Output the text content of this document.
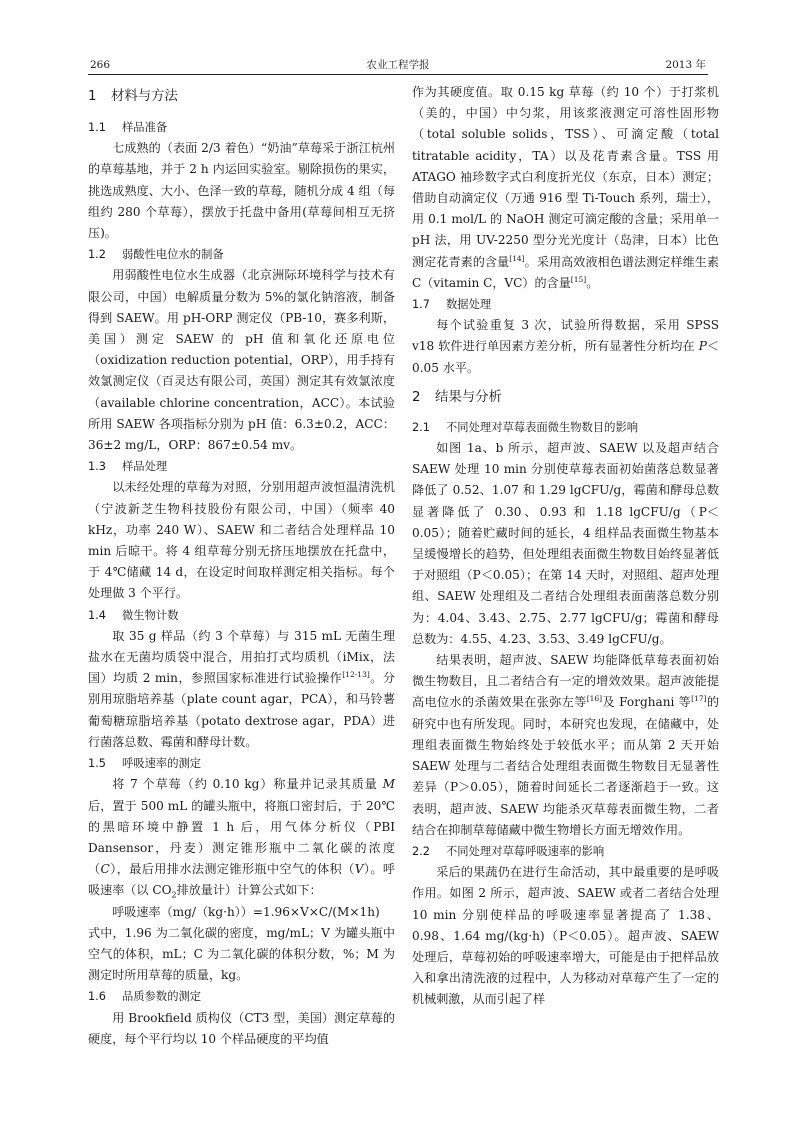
266	农业工程学报	2013 年
1 材料与方法
1.1 样品准备

七成熟的（表面 2/3 着色）“奶油”草莓采于浙江杭州的草莓基地，并于 2 h 内运回实验室。剔除损伤的果实，挑选成熟度、大小、色泽一致的草莓，随机分成 4 组（每组约 280 个草莓），摆放于托盘中备用(草莓间相互无挤压)。

1.2 弱酸性电位水的制备

用弱酸性电位水生成器（北京洲际环境科学与技术有限公司，中国）电解质量分数为 5%的氯化钠溶液，制备得到 SAEW。用 pH-ORP 测定仪（PB-10，赛多利斯，美国）测定 SAEW 的 pH 值和氧化还原电位（oxidization reduction potential，ORP），用手持有效氯测定仪（百灵达有限公司，英国）测定其有效氯浓度（available chlorine concentration，ACC）。本试验所用 SAEW 各项指标分别为 pH 值：6.3±0.2，ACC：36±2 mg/L，ORP：867±0.54 mv。

1.3 样品处理

以未经处理的草莓为对照，分别用超声波恒温清洗机（宁波新芝生物科技股份有限公司，中国）（频率 40 kHz，功率 240 W）、SAEW 和二者结合处理样品 10 min 后晾干。将 4 组草莓分别无挤压地摆放在托盘中，于 4℃储藏 14 d，在设定时间取样测定相关指标。每个处理做 3 个平行。

1.4 微生物计数

取 35 g 样品（约 3 个草莓）与 315 mL 无菌生理盐水在无菌均质袋中混合，用拍打式均质机（iMix，法国）均质 2 min，参照国家标准进行试验操作[12-13]。分别用琼脂培养基（plate count agar，PCA），和马铃薯葡萄糖琼脂培养基（potato dextrose agar，PDA）进行菌落总数、霉菌和酵母计数。

1.5 呼吸速率的测定

将 7 个草莓（约 0.10 kg）称量并记录其质量 M后，置于 500 mL 的罐头瓶中，将瓶口密封后，于 20℃的黑暗环境中静置 1 h 后，用气体分析仪（PBI Dansensor，丹麦）测定锥形瓶中二氧化碳的浓度（C），最后用排水法测定锥形瓶中空气的体积（V）。呼吸速率（以 $CO_2$排放量计）计算公式如下：

呼吸速率（mg/（kg·h））=1.96×V×C/(M×1h)

式中，1.96 为二氧化碳的密度，mg/mL；V 为罐头瓶中空气的体积，mL；C 为二氧化碳的体积分数，%；M 为测定时所用草莓的质量，kg。

1.6 品质参数的测定

用 Brookfield 质构仪（CT3 型，美国）测定草莓的硬度，每个平行均以 10 个样品硬度的平均值

作为其硬度值。取 0.15 kg 草莓（约 10 个）于打浆机（美的，中国）中匀浆，用该浆液测定可溶性固形物（total soluble solids，TSS）、可滴定酸（total titratable acidity，TA）以及花青素含量。TSS 用 ATAGO 袖珍数字式白利度折光仪（东京，日本）测定；借助自动滴定仪（万通 916 型 Ti-Touch 系列，瑞士），用 0.1 mol/L 的 NaOH 测定可滴定酸的含量；采用单一pH 法，用 UV-2250 型分光光度计（岛津，日本）比色测定花青素的含量[14]。采用高效液相色谱法测定样维生素 C（vitamin C，VC）的含量[15]。

1.7 数据处理

每个试验重复 3 次，试验所得数据，采用 SPSS v18 软件进行单因素方差分析，所有显著性分析均在 P＜0.05 水平。

2 结果与分析
2.1 不同处理对草莓表面微生物数目的影响

如图 1a、b 所示，超声波、SAEW 以及超声结合 SAEW 处理 10 min 分别使草莓表面初始菌落总数显著降低了 0.52、1.07 和 1.29 lgCFU/g，霉菌和酵母总数显著降低了 0.30、0.93 和 1.18 lgCFU/g（P＜0.05）；随着贮藏时间的延长，4 组样品表面微生物基本呈缓慢增长的趋势，但处理组表面微生物数目始终显著低于对照组（P＜0.05）；在第 14 天时，对照组、超声处理组、SAEW 处理组及二者结合处理组表面菌落总数分别为：4.04、3.43、2.75、2.77 lgCFU/g；霉菌和酵母总数为：4.55、4.23、3.53、3.49 lgCFU/g。

结果表明，超声波、SAEW 均能降低草莓表面初始微生物数目，且二者结合有一定的增效效果。超声波能提高电位水的杀菌效果在张弥左等[16]及 Forghani 等[17]的研究中也有所发现。同时，本研究也发现，在储藏中，处理组表面微生物始终处于较低水平；而从第 2 天开始 SAEW 处理与二者结合处理组表面微生物数目无显著性差异（P＞0.05），随着时间延长二者逐渐趋于一致。这表明，超声波、SAEW 均能杀灭草莓表面微生物，二者结合在抑制草莓储藏中微生物增长方面无增效作用。

2.2 不同处理对草莓呼吸速率的影响

采后的果蔬仍在进行生命活动，其中最重要的是呼吸作用。如图 2 所示，超声波、SAEW 或者二者结合处理 10 min 分别使样品的呼吸速率显著提高了 1.38、0.98、1.64 mg/(kg·h)（P＜0.05）。超声波、SAEW 处理后，草莓初始的呼吸速率增大，可能是由于把样品放入和拿出清洗液的过程中，人为移动对草莓产生了一定的机械刺激，从而引起了样
